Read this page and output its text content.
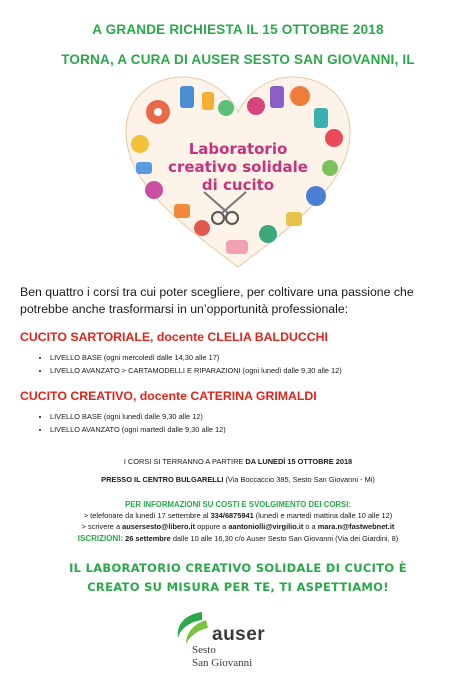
A GRANDE RICHIESTA IL 15 OTTOBRE 2018
TORNA, A CURA DI AUSER SESTO SAN GIOVANNI, IL
Laboratorio
creativo solidale
di cucito
Ben quattro i corsi tra cui poter scegliere, per coltivare una passione che potrebbe anche trasformarsi in un’opportunità professionale:
CUCITO SARTORIALE, docente CLELIA BALDUCCHI
• LIVELLO BASE (ogni mercoledì dalle 14,30 alle 17)
• LIVELLO AVANZATO > CARTAMODELLI E RIPARAZIONI (ogni lunedì dalle 9,30 alle 12)
CUCITO CREATIVO, docente CATERINA GRIMALDI
• LIVELLO BASE (ogni lunedì dalle 9,30 alle 12)
• LIVELLO AVANZATO (ogni martedì dalle 9,30 alle 12)
I CORSI SI TERRANNO A PARTIRE DA LUNEDÌ 15 OTTOBRE 2018
PRESSO IL CENTRO BULGARELLI (Via Boccaccio 385, Sesto San Giovanni - Mi)
PER INFORMAZIONI SU COSTI E SVOLGIMENTO DEI CORSI:
> telefonare da lunedì 17 settembre al 334/6875941 (lunedì e martedì mattina dalle 10 alle 12)
> scrivere a ausersesto@libero.it oppure a aantoniolli@virgilio.it o a mara.n@fastwebnet.it
ISCRIZIONI: 26 settembre dalle 10 alle 16,30 c/o Auser Sesto San Giovanni (Via dei Giardini, 8)
IL LABORATORIO CREATIVO SOLIDALE DI CUCITO È
CREATO SU MISURA PER TE, TI ASPETTIAMO!
auser
Sesto
San Giovanni
